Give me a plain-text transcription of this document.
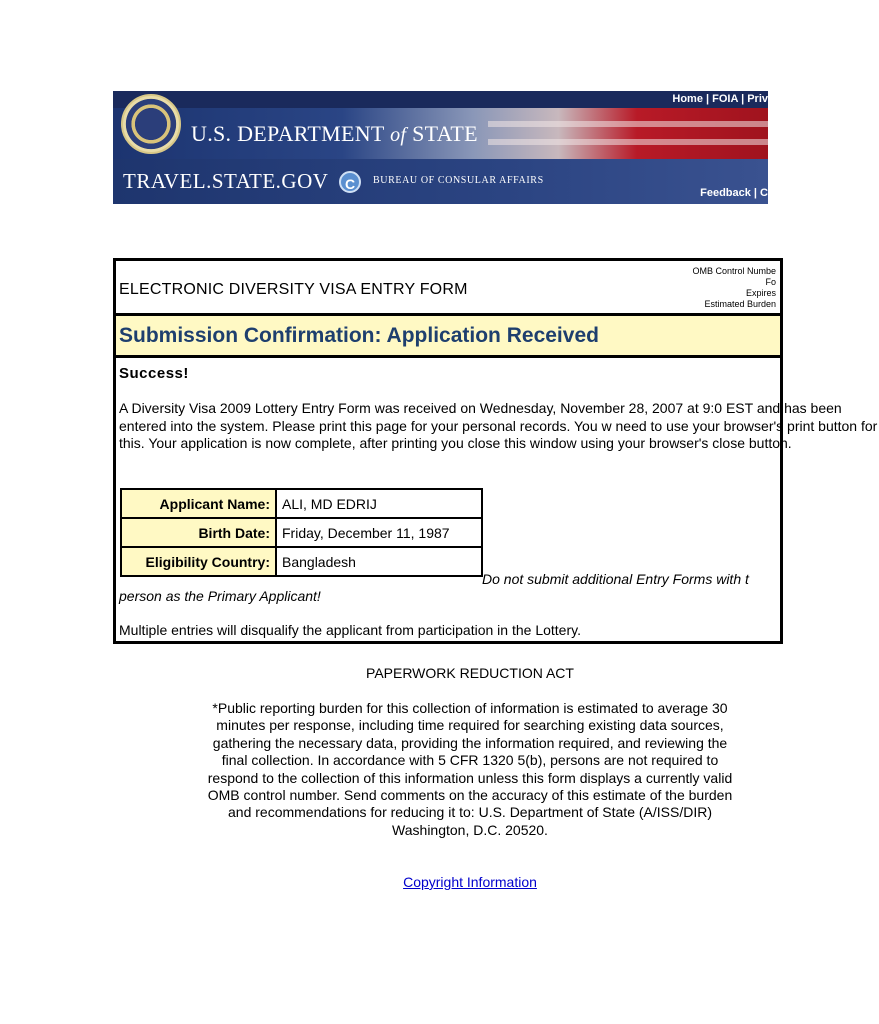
Home | FOIA | Priv
U.S. DEPARTMENT of STATE
TRAVEL.STATE.GOV	C	BUREAU OF CONSULAR AFFAIRS
Feedback | C
ELECTRONIC DIVERSITY VISA ENTRY FORM
OMB Control Numbe
Fo
Expires
Estimated Burden
Submission Confirmation: Application Received
Success!

A Diversity Visa 2009 Lottery Entry Form was received on Wednesday, November 28, 2007 at 9:0 EST and has been entered into the system. Please print this page for your personal records. You w need to use your browser's print button for this. Your application is now complete, after printing you close this window using your browser's close button.

Applicant Name:	ALI, MD EDRIJ
Birth Date:	Friday, December 11, 1987
Eligibility Country:	Bangladesh
Do not submit additional Entry Forms with t
person as the Primary Applicant!
Multiple entries will disqualify the applicant from participation in the Lottery.
PAPERWORK REDUCTION ACT

*Public reporting burden for this collection of information is estimated to average 30 minutes per response, including time required for searching existing data sources, gathering the necessary data, providing the information required, and reviewing the final collection. In accordance with 5 CFR 1320 5(b), persons are not required to respond to the collection of this information unless this form displays a currently valid OMB control number. Send comments on the accuracy of this estimate of the burden and recommendations for reducing it to: U.S. Department of State (A/ISS/DIR) Washington, D.C. 20520.

Copyright Information
